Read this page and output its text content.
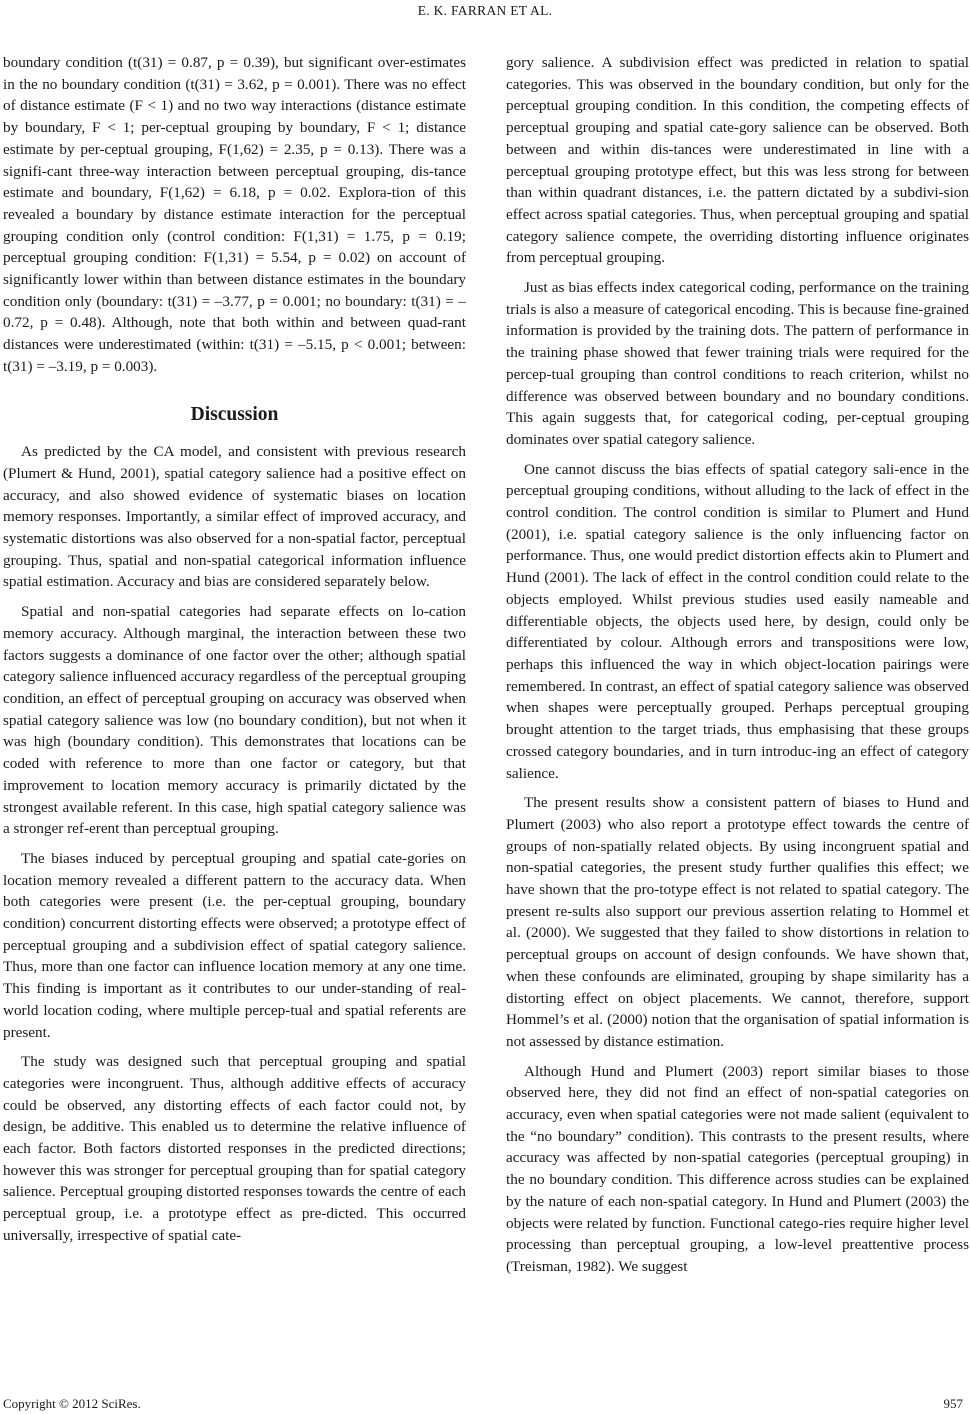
E. K. FARRAN ET AL.

boundary condition (t(31) = 0.87, p = 0.39), but significant over-estimates in the no boundary condition (t(31) = 3.62, p = 0.001). There was no effect of distance estimate (F < 1) and no two way interactions (distance estimate by boundary, F < 1; per-ceptual grouping by boundary, F < 1; distance estimate by per-ceptual grouping, F(1,62) = 2.35, p = 0.13). There was a signifi-cant three-way interaction between perceptual grouping, dis-tance estimate and boundary, F(1,62) = 6.18, p = 0.02. Explora-tion of this revealed a boundary by distance estimate interaction for the perceptual grouping condition only (control condition: F(1,31) = 1.75, p = 0.19; perceptual grouping condition: F(1,31) = 5.54, p = 0.02) on account of significantly lower within than between distance estimates in the boundary condition only (boundary: t(31) = –3.77, p = 0.001; no boundary: t(31) = –0.72, p = 0.48). Although, note that both within and between quad-rant distances were underestimated (within: t(31) = –5.15, p < 0.001; between: t(31) = –3.19, p = 0.003).

Discussion

As predicted by the CA model, and consistent with previous research (Plumert & Hund, 2001), spatial category salience had a positive effect on accuracy, and also showed evidence of systematic biases on location memory responses. Importantly, a similar effect of improved accuracy, and systematic distortions was also observed for a non-spatial factor, perceptual grouping. Thus, spatial and non-spatial categorical information influence spatial estimation. Accuracy and bias are considered separately below.

Spatial and non-spatial categories had separate effects on lo-cation memory accuracy. Although marginal, the interaction between these two factors suggests a dominance of one factor over the other; although spatial category salience influenced accuracy regardless of the perceptual grouping condition, an effect of perceptual grouping on accuracy was observed when spatial category salience was low (no boundary condition), but not when it was high (boundary condition). This demonstrates that locations can be coded with reference to more than one factor or category, but that improvement to location memory accuracy is primarily dictated by the strongest available referent. In this case, high spatial category salience was a stronger ref-erent than perceptual grouping.

The biases induced by perceptual grouping and spatial cate-gories on location memory revealed a different pattern to the accuracy data. When both categories were present (i.e. the per-ceptual grouping, boundary condition) concurrent distorting effects were observed; a prototype effect of perceptual grouping and a subdivision effect of spatial category salience. Thus, more than one factor can influence location memory at any one time. This finding is important as it contributes to our under-standing of real-world location coding, where multiple percep-tual and spatial referents are present.

The study was designed such that perceptual grouping and spatial categories were incongruent. Thus, although additive effects of accuracy could be observed, any distorting effects of each factor could not, by design, be additive. This enabled us to determine the relative influence of each factor. Both factors distorted responses in the predicted directions; however this was stronger for perceptual grouping than for spatial category salience. Perceptual grouping distorted responses towards the centre of each perceptual group, i.e. a prototype effect as pre-dicted. This occurred universally, irrespective of spatial cate-

gory salience. A subdivision effect was predicted in relation to spatial categories. This was observed in the boundary condition, but only for the perceptual grouping condition. In this condition, the competing effects of perceptual grouping and spatial cate-gory salience can be observed. Both between and within dis-tances were underestimated in line with a perceptual grouping prototype effect, but this was less strong for between than within quadrant distances, i.e. the pattern dictated by a subdivi-sion effect across spatial categories. Thus, when perceptual grouping and spatial category salience compete, the overriding distorting influence originates from perceptual grouping.

Just as bias effects index categorical coding, performance on the training trials is also a measure of categorical encoding. This is because fine-grained information is provided by the training dots. The pattern of performance in the training phase showed that fewer training trials were required for the percep-tual grouping than control conditions to reach criterion, whilst no difference was observed between boundary and no boundary conditions. This again suggests that, for categorical coding, per-ceptual grouping dominates over spatial category salience.

One cannot discuss the bias effects of spatial category sali-ence in the perceptual grouping conditions, without alluding to the lack of effect in the control condition. The control condition is similar to Plumert and Hund (2001), i.e. spatial category salience is the only influencing factor on performance. Thus, one would predict distortion effects akin to Plumert and Hund (2001). The lack of effect in the control condition could relate to the objects employed. Whilst previous studies used easily nameable and differentiable objects, the objects used here, by design, could only be differentiated by colour. Although errors and transpositions were low, perhaps this influenced the way in which object-location pairings were remembered. In contrast, an effect of spatial category salience was observed when shapes were perceptually grouped. Perhaps perceptual grouping brought attention to the target triads, thus emphasising that these groups crossed category boundaries, and in turn introduc-ing an effect of category salience.

The present results show a consistent pattern of biases to Hund and Plumert (2003) who also report a prototype effect towards the centre of groups of non-spatially related objects. By using incongruent spatial and non-spatial categories, the present study further qualifies this effect; we have shown that the pro-totype effect is not related to spatial category. The present re-sults also support our previous assertion relating to Hommel et al. (2000). We suggested that they failed to show distortions in relation to perceptual groups on account of design confounds. We have shown that, when these confounds are eliminated, grouping by shape similarity has a distorting effect on object placements. We cannot, therefore, support Hommel’s et al. (2000) notion that the organisation of spatial information is not assessed by distance estimation.

Although Hund and Plumert (2003) report similar biases to those observed here, they did not find an effect of non-spatial categories on accuracy, even when spatial categories were not made salient (equivalent to the “no boundary” condition). This contrasts to the present results, where accuracy was affected by non-spatial categories (perceptual grouping) in the no boundary condition. This difference across studies can be explained by the nature of each non-spatial category. In Hund and Plumert (2003) the objects were related by function. Functional catego-ries require higher level processing than perceptual grouping, a low-level preattentive process (Treisman, 1982). We suggest

Copyright © 2012 SciRes.	957
